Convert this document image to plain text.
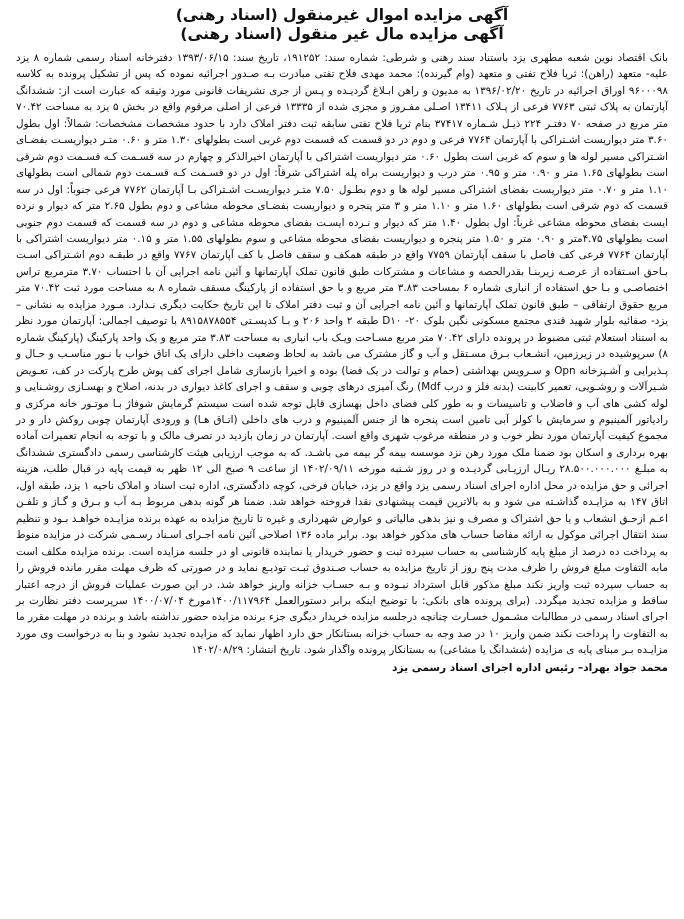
آگهی مزایده اموال غیرمنقول (اسناد رهنی)
آگهی مزایده مال غیر منقول (اسناد رهنی)
بانک اقتصاد نوین شعبه مطهری یزد باستناد سند رهنی و شرطی: شماره سند: ۱۹۱۲۵۲، تاریخ سند: ۱۳۹۳/۰۶/۱۵ دفترخانه اسناد رسمی شماره ۸ یزد علیه- متعهد (راهن): ثریا فلاح تفتی و متعهد (وام گیرنده): محمد مهدی فلاح تفتی مبادرت بـه صـدور اجرائیه نموده که پس از تشکیل پرونده به کلاسه ۹۶۰۰۰۹۸ اوراق اجرائیه در تاریخ ۱۳۹۶/۰۲/۲۰ به مدیون و راهن ابـلاغ گردیـده و پـس از جری تشریفات قانونی مورد وثیقه که عبارت است از: ششدانگ آپارتمان به پلاک ثبتی ۷۷۶۳ فرعی از پـلاک ۱۳۴۱۱ اصـلی مفـروز و مجزی شده از ۱۳۳۳۵ فرعی از اصلی مرقوم واقع در بخش ۵ یزد به مساحت ۷۰.۴۲ متر مربع در صفحه ۷۰ دفتـر ۲۲۴ ذیـل شـماره ۳۷۴۱۷ بنام ثریا فلاح تفتی سابقه ثبت دفتر املاک دارد با حدود مشخصات مشخصات: شمالاً: اول بطول ۳.۶۰ متر دیواریست اشـتراکی با آپارتمان ۷۷۶۴ فرعی و دوم در دو قسمت که قسمت دوم غربی است بطولهای ۱.۳۰ متر و ۰.۶۰ متـر دیواریسـت بفضـای اشـتراکی مسیر لوله ها و سوم که غربی است بطول ۰.۶۰ متر دیواریست اشتراکی با آپارتمان اخیرالذکر و چهارم در سه قسـمت کـه قسـمت دوم شرقی است بطولهای ۱.۶۵ متر و ۰.۹۰ متر و ۰.۹۵ متر درب و دیواریست براه پله اشتراکی شرقاً: اول در دو قسـمت کـه قسـمت دوم شمالی است بطولهای ۱.۱۰ متر و ۰.۷۰ متر دیواریست بفضای اشتراکی مسیر لوله ها و دوم بطـول ۷.۵۰ متـر دیواریسـت اشـتراکی بـا آپارتمان ۷۷۶۲ فرعی جنوباً: اول در سه قسمت که دوم شرقی است بطولهای ۱.۶۰ متر و ۱.۱۰ متر و ۳ متر پنجره و دیواریست بفضـای محوطه مشاعی و دوم بطول ۲.۶۵ متر که دیوار و نرده ایست بفضای محوطه مشاعی غرباً: اول بطول ۱.۴۰ متر که دیوار و نـرده ایسـت بفضای محوطه مشاعی و دوم در سه قسمت که قسمت دوم جنوبی است بطولهای ۴.۷۵متر و ۰.۹۰ متر و ۱.۵۰ متر پنجره و دیواریست بفضای محوطه مشاعی و سوم بطولهای ۱.۵۵ متر و ۰.۱۵ متر دیواریست اشتراکی با آپارتمان ۷۷۶۴ فرعی کف فاصل با سقف آپارتمان ۷۷۵۹ واقع در طبقه همکف و سقف فاصل با کف آپارتمان ۷۷۶۷ واقع در طبقـه دوم اشـتراکی اسـت بـاحق اسـتفاده از عرصـه زیربنـا بقدرالحصه و مشاعات و مشترکات طبق قانون تملک آپارتمانها و آئین نامه اجرایی آن با احتساب ۳.۷۰ مترمربع تراس اختصاصـی و بـا حق استفاده از انباری شماره ۶ بمساحت ۳.۸۳ متر مربع و با حق استفاده از پارکینگ مسقف شماره ۸ به مساحت مورد ثبت ۷۰.۴۲ متر مربع حقوق ارتفاقی – طبق قانون تملک آپارتمانها و آئین نامه اجرایی آن و ثبت دفتر املاک تا این تاریخ حکایت دیگری نـدارد. مـورد مزایده به نشانی – یزد- صفائیه بلوار شهید قندی مجتمع مسکونی نگین بلوک ۲۰- D۱۰ طبقه ۲ واحد ۲۰۶ و بـا کدپسـتی ۸۹۱۵۸۷۸۵۵۴ با توصیف اجمالی: آپارتمان مورد نظر به استناد استعلام ثبتی مضبوط در پرونده دارای ۷۰.۴۲ متر مربع مسـاحت ویـک باب انباری به مساحت ۳.۸۳ متر مربع و یک واحد پارکینگ (پارکینگ شماره ۸) سرپوشیده در زیرزمین، انشـعاب بـرق مسـتقل و آب و گاز مشترک می باشد به لحاظ وضعیت داخلی دارای یک اتاق خواب با نـور مناسـب و حـال و پـذیرایی و آشـپزخانه Opn و سـرویس بهداشتی (حمام و توالت در یک فضا) بوده و اخیرا بازسازی شامل اجرای کف پوش طرح پارکت در کف، تعـویض شـیرآلات و روشـویی، تعمیر کابینت (بدنه فلز و درب Mdf) رنگ آمیزی درهای چوبی و سقف و اجرای کاغذ دیواری در بدنه، اصلاح و بهسـازی روشـنایی و لوله کشی های آب و فاضلاب و تاسیسات و به طور کلی فضای داخل بهسازی قابل توجه شده است سیستم گرمایش شوفاژ بـا موتـور خانه مرکزی و رادیاتور آلمینیوم و سرمایش با کولر آبی تامین است پنجره ها از جنس آلمینیوم و درب های داخلی (اتـاق هـا) و ورودی آپارتمان چوبی روکش دار و در مجموع کیفیت آپارتمان مورد نظر خوب و در منطقه مرغوب شهری واقع است. آپارتمان در زمان بازدید در تصرف مالک و با توجه به انجام تعمیرات آماده بهره برداری و اسکان بود ضمنا ملک مورد رهن نزد موسسه بیمه گر بیمه می باشـد. که به موجب ارزیابی هیئت کارشناسی رسمی دادگستری ششدانگ به مبلـغ ۲۸.۵۰۰.۰۰۰.۰۰۰ ریـال ارزیـابی گردیـده و در روز شـنبه مورخه ۱۴۰۲/۰۹/۱۱ از ساعت ۹ صبح الی ۱۲ ظهر به قیمت پایه در قبال طلب، هزینه اجرائی و حق مزایده در محل اداره اجرای اسناد رسمی یزد واقع در یزد، خیابان فرخی، کوچه دادگستری، اداره ثبت اسناد و املاک ناحیه ۱ یزد، طبقه اول، اتاق ۱۴۷ به مزایـده گذاشـته می شود و به بالاترین قیمت پیشنهادی نقدا فروخته خواهد شد. ضمنا هر گونه بدهی مربوط بـه آب و بـرق و گـاز و تلفـن اعـم ازحـق انشعاب و یا حق اشتراک و مصرف و نیز بدهی مالیاتی و عوارض شهرداری و غیره تا تاریخ مزایده به عهده برنده مزایـده خواهـد بـود و تنظیم سند انتقال اجرائی موکول به ارائه مفاصا حساب های مذکور خواهد بود. برابر ماده ۱۳۶ اصلاحی آئین نامه اجـرای اسـناد رسـمی شرکت در مزایده منوط به پرداخت ده درصد از مبلغ پایه کارشناسی به حساب سپرده ثبت و حضور خریدار یا نماینده قانونی او در جلسه مزایده است. برنده مزایده مکلف است مابه التفاوت مبلغ فروش را ظرف مدت پنج روز از تاریخ مزایده به حساب صـندوق ثبـت تودیـع نماید و در صورتی که ظرف مهلت مقرر مانده فروش را به حساب سپرده ثبت واریز نکند مبلغ مذکور قابل استرداد نبـوده و بـه حسـاب خزانه واریز خواهد شد. در این صورت عملیات فروش از درجه اعتبار ساقط و مزایده تجدید میگردد. (برای پرونده های بانکی: با توضیح اینکه برابر دستورالعمل ۱۴۰۰/۱۱۷۹۶۴مورخ ۱۴۰۰/۰۷/۰۴ سرپرست دفتر نظارت بر اجرای اسناد رسمی در مطالبات مشـمول خسـارت چنانچه درجلسه مزایده خریدار دیگری جزء برنده مزایده حضور نداشته باشد و برنده در مهلت مقرر ما به التفاوت را پرداخت نکند ضمن واریز ۱۰ در صد وجه به حساب خزانه بستانکار حق دارد اظهار نماید که مزایده تجدید نشود و بنا به درخواست وی مورد مزایـده بـر مبنای پایه ی مزایده (ششدانگ یا مشاعی) به بستانکار پرونده واگذار شود. تاریخ انتشار: ۱۴۰۲/۰۸/۲۹
محمد جواد بهراد– رئیس اداره اجرای اسناد رسمی یزد
